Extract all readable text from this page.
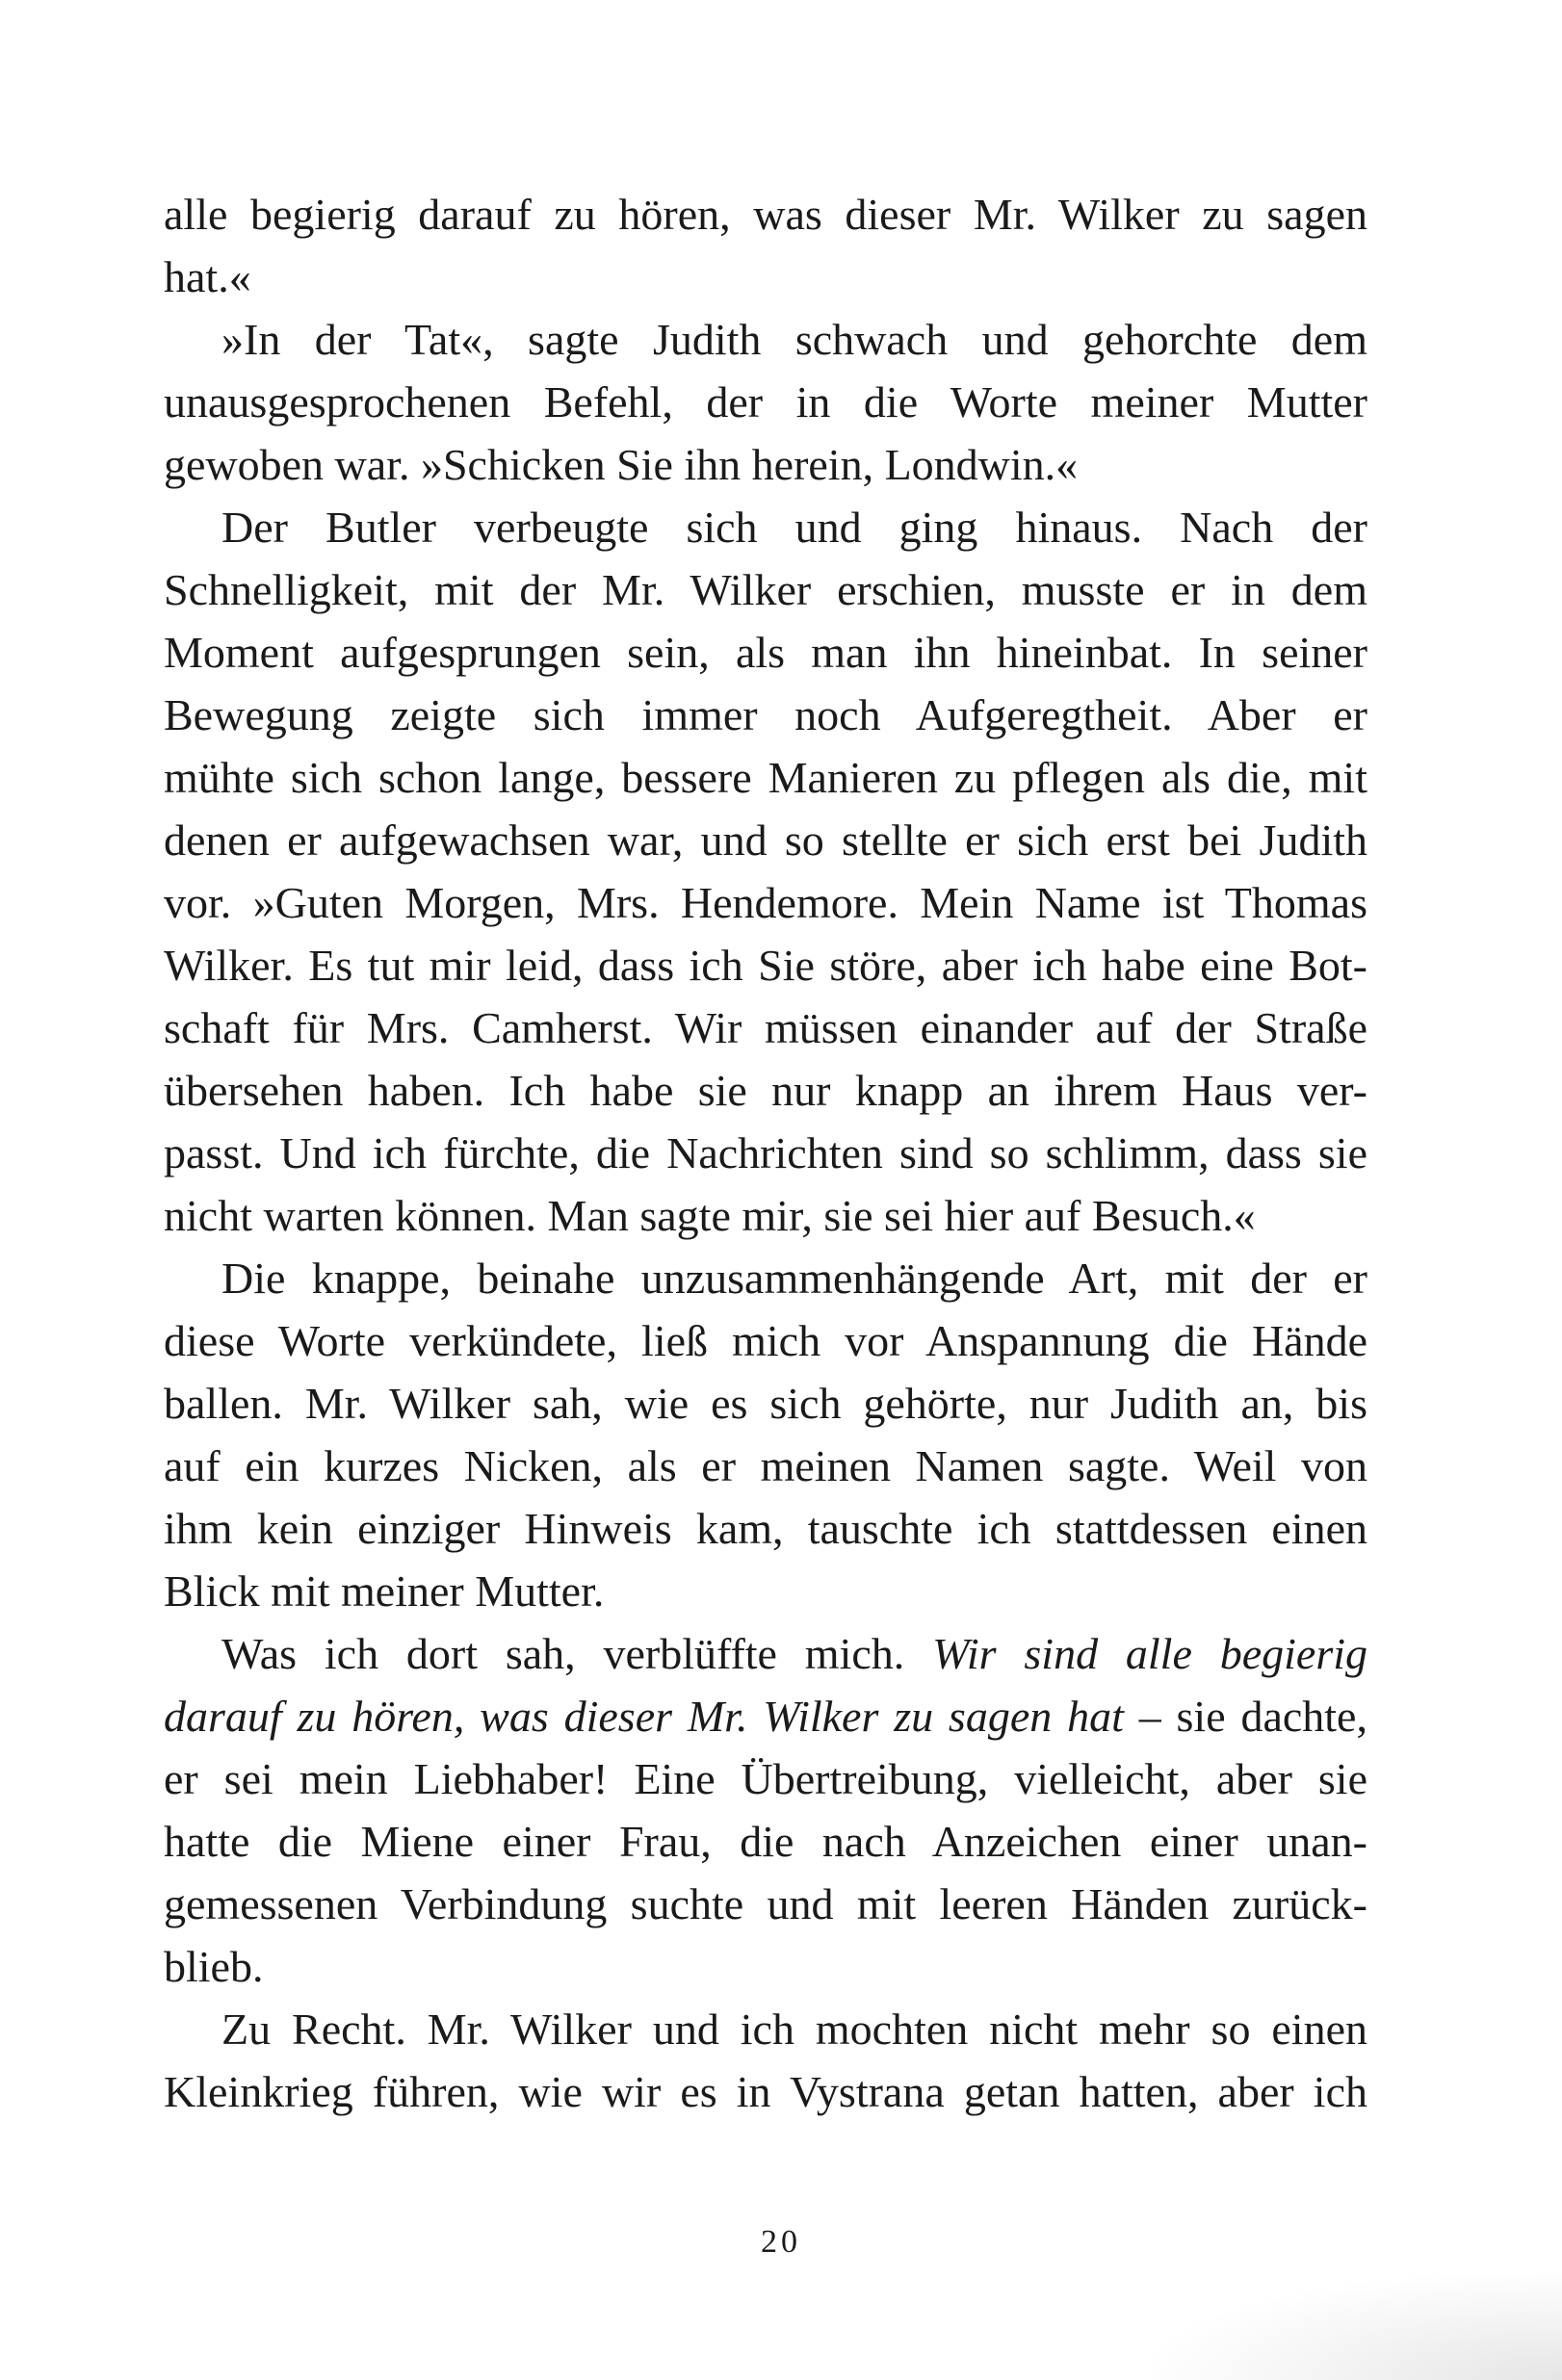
alle begierig darauf zu hören, was dieser Mr. Wilker zu sagen
hat.«
»In der Tat«, sagte Judith schwach und gehorchte dem
unausgesprochenen Befehl, der in die Worte meiner Mutter
gewoben war. »Schicken Sie ihn herein, Londwin.«
Der Butler verbeugte sich und ging hinaus. Nach der
Schnelligkeit, mit der Mr. Wilker erschien, musste er in dem
Moment aufgesprungen sein, als man ihn hineinbat. In seiner
Bewegung zeigte sich immer noch Aufgeregtheit. Aber er
mühte sich schon lange, bessere Manieren zu pflegen als die, mit
denen er aufgewachsen war, und so stellte er sich erst bei Judith
vor. »Guten Morgen, Mrs. Hendemore. Mein Name ist Thomas
Wilker. Es tut mir leid, dass ich Sie störe, aber ich habe eine Bot-
schaft für Mrs. Camherst. Wir müssen einander auf der Straße
übersehen haben. Ich habe sie nur knapp an ihrem Haus ver-
passt. Und ich fürchte, die Nachrichten sind so schlimm, dass sie
nicht warten können. Man sagte mir, sie sei hier auf Besuch.«
Die knappe, beinahe unzusammenhängende Art, mit der er
diese Worte verkündete, ließ mich vor Anspannung die Hände
ballen. Mr. Wilker sah, wie es sich gehörte, nur Judith an, bis
auf ein kurzes Nicken, als er meinen Namen sagte. Weil von
ihm kein einziger Hinweis kam, tauschte ich stattdessen einen
Blick mit meiner Mutter.
Was ich dort sah, verblüffte mich. Wir sind alle begierig
darauf zu hören, was dieser Mr. Wilker zu sagen hat – sie dachte,
er sei mein Liebhaber! Eine Übertreibung, vielleicht, aber sie
hatte die Miene einer Frau, die nach Anzeichen einer unan-
gemessenen Verbindung suchte und mit leeren Händen zurück-
blieb.
Zu Recht. Mr. Wilker und ich mochten nicht mehr so einen
Kleinkrieg führen, wie wir es in Vystrana getan hatten, aber ich
20
